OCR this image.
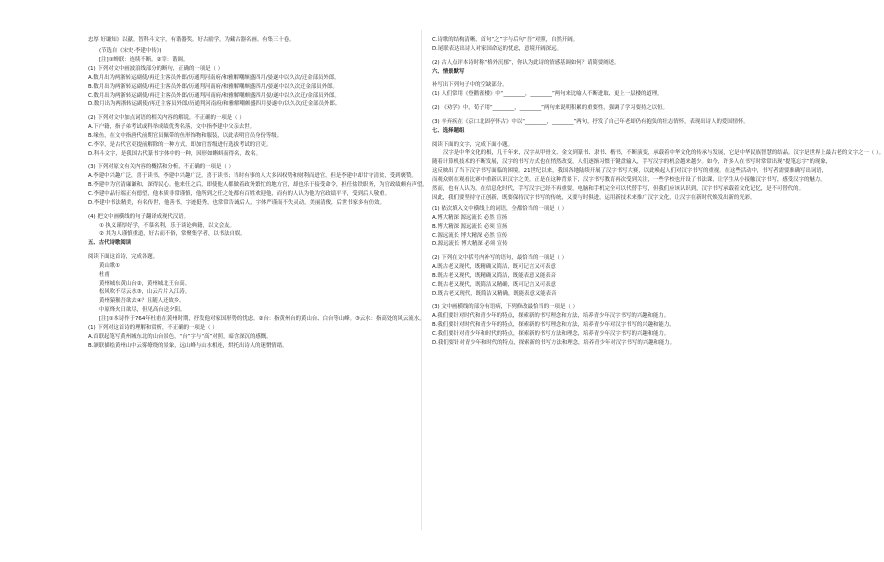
忠厚 好谦知》以献。智科斗文字，有谐器奖。好古励学，为藏古器名画。有集三十卷。
(节选自《宋史·李建中传》)
[注]①蝉联：连续不断。②宰：谐调。
(1) 下列对文中画波浪线部分的断句，正确的一项是（ ）
A.数月出为两浙转运副使/再迁主客员外郎/历通判河南府/和雅解嘲颇盛四月/晏遂中以久次/迁金部员外郎。
B.数月出为两浙转运副使/再迁主客员外郎/历通判河南府/和雅解嘲颇盛四月/晏遂中以久次迁金部员外郎。
C.数月出为两浙转运副使/再迁主客员外郎/历通判河南府/和雅解嘲颇盛四月晏/遂中以久次迁/金部员外郎。
D.数月出为两浙转运副使/再迁主客员外郎/历通判河南府/和雅解嘲颇盛四月晏遂中/以久次/迁金部员外郎。
(2) 下列对文中加点词语的相关内容的解说，不正确的一项是（ ）
A.下户籍，指子弟考试或科举成绩优秀名落，文中指李建中父亲去世。
B.缘鱼，在文中指唐代前期官员佩带的鱼形饰物和服装，以此表明官员身份等级。
C.李宰，是古代官吏提前解除的一种方式，即加官晋级进行选拔考试的官吏。
D.科斗文字，是我国古代篆书字体中的一种，因形如蝌蚪而得名，故名。
(3) 下列对原文有关内容的概括和分析，不正确的一项是（ ）
A.李建中兴趣广泛，喜于读书，李建中兴趣广泛，喜于读书；当时有事的人大多因权势和财利而进官，但是李建中却甘守清贫，受到褒赞。
B.李建中为官清廉谦和，深得民心。他来任之后，即使他人都做着政务繁忙的地方官，却也乐于接受命令，担任盐铁职务，为官政绩颇有声望。
C.李建中品行端正有德望，他本质非常谨慎，他所到之任之处都有百姓欢迎他，而有的人认为他为官政绩平平，受到后人敬重。
D.李建中书法精美，有名传世，他善书，字迹挺秀，也常常告诫后人，字体严谨而不失灵动，美丽清俊，后世书家多有仿效。
(4) 把文中画横线的句子翻译成现代汉语。
① 执义谨厚好学，不慕名利，乐于谈论典籍，以文会友。
② 其为人谨慎重道，好古而不俗，常聚集学者，以书法自娱。
五、古代诗歌阅读
阅读下面这首诗，完成各题。
黄山歌①
杜甫
黄州城东黄山台②，黄州城北王台高。
松风吹不尽云水③，山云片片入江涛。
黄州猿猴吾欲去④？且随人还故乡。
中原烽火日欲尽，但见高台送夕阳。
[注]①本诗作于764年杜甫在黄州时期，抒发他对家国形势的忧虑。②台：指黄州台的黄山台、白台等山峰。③云水：指高处的风云流水。
(1) 下列对这首诗的理解和赏析，不正确的一项是（ ）
A.首联起笔写黄州城东北的山台景色，“台”字与“高”对照，暗含深沉的感慨。
B.颔联描绘黄州山中云雾缭绕的景象，远山峰与山水相连，烘托出诗人的迷惘情绪。
C.诗歌的结构清晰，首句“之”字与后句“吾”对照，自然开阔。
D.尾联表达出诗人对家国命运的忧虑，意境开阔深远。
(2) 古人点评本诗时称“格外沉郁”，你认为此诗的情感基调如何？请简要阐述。
六、情景默写
补写出下列句子中的空缺部分。
(1) 人们常用《登鹳雀楼》中“________，________”两句来比喻人不断进取、更上一层楼的道理。
(2) 《劝学》中，荀子用“________，________”两句来说明积累的重要性，强调了学习要持之以恒。
(3) 辛弃疾在《京口北固亭怀古》中以“________，________”两句，抒发了自己年老却仍有抱负的壮志情怀，表现出诗人的爱国情怀。
七、选择题组
阅读下面的文字，完成下面小题。
汉字是中华文化的根，几千年来，汉字从甲骨文、金文到篆书、隶书、楷书，不断演变，承载着中华文化的传承与发展，它是中华民族智慧的结晶。汉字是世界上最古老的文字之一（ ）。
随着计算机技术的不断发展，汉字的书写方式也在悄然改变，人们逐渐习惯于键盘输入，手写汉字的机会越来越少。如今，许多人在书写时常常出现“提笔忘字”的现象，
这反映出了当下汉字书写面临的困境。21世纪以来，我国各地陆续开展了汉字书写大赛，以此唤起人们对汉字书写的重视。在这些活动中，书写者需要准确写出词语，
而观众则在观看比赛中重新认识汉字之美。正是在这种背景下，汉字书写教育再次受到关注，一些学校也开设了书法课，让学生从小接触汉字书写，感受汉字的魅力。
然而，也有人认为，在信息化时代，手写汉字已经不再重要，电脑和手机完全可以代替手写，但我们应该认识到，汉字书写承载着文化记忆，是不可替代的。
因此，我们要坚持守正创新，既要保持汉字书写的传统，又要与时俱进，运用新技术来推广汉字文化，让汉字在新时代焕发出新的光彩。
(1) 依次填入文中横线上的词语，全都恰当的一项是（ ）
A.博大精深 源远流长 必然 宣扬
B.博大精深 源远流长 必须 宣扬
C.源远流长 博大精深 必然 宣传
D.源远流长 博大精深 必须 宣传
(2) 下列在文中括号内补写的语句，最恰当的一项是（ ）
A.既古老又现代，既精确又简洁，既可记言又可表意
B.既古老又现代，既精确又简洁，既能表意又能表音
C.既古老又现代，既简洁又精确，既可记言又可表意
D.既古老又现代，既简洁又精确，既能表意又能表音
(3) 文中画横线的部分有语病，下列修改最恰当的一项是（ ）
A.我们要针对时代和青少年的特点，探索新的书写理念和方法，培养青少年汉字书写的兴趣和能力。
B.我们要针对时代和青少年的特点，探索新的书写理念和方法，培养青少年对汉字书写的兴趣和能力。
C.我们要针对青少年和时代的特点，探索新的书写方法和理念，培养青少年汉字书写的兴趣和能力。
D.我们要针对青少年和时代的特点，探索新的书写方法和理念，培养青少年对汉字书写的兴趣和能力。
